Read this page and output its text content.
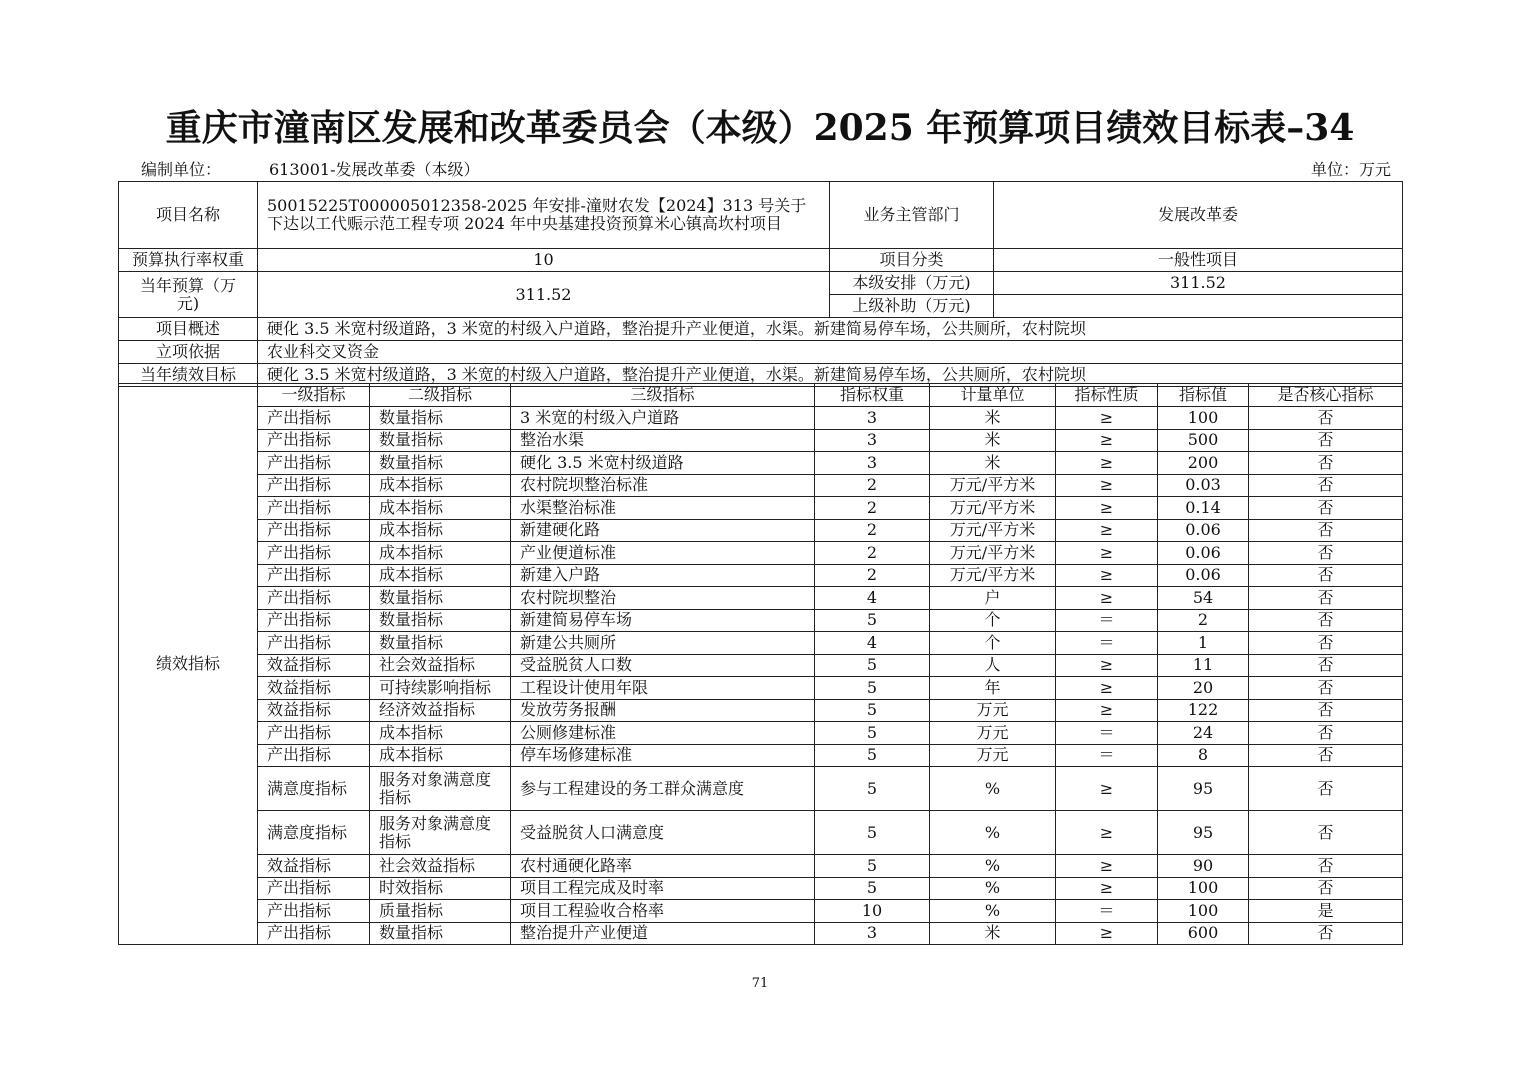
重庆市潼南区发展和改革委员会（本级）2025 年预算项目绩效目标表–34
编制单位：	613001-发展改革委（本级）	单位：万元
项目名称	50015225T000005012358-2025 年安排-潼财农发【2024】313 号关于下达以工代赈示范工程专项 2024 年中央基建投资预算米心镇高坎村项目	业务主管部门	发展改革委
预算执行率权重	10	项目分类	一般性项目
当年预算（万元)	311.52	本级安排（万元)	311.52
		上级补助（万元)	
项目概述	硬化 3.5 米宽村级道路，3 米宽的村级入户道路，整治提升产业便道，水渠。新建简易停车场，公共厕所，农村院坝		
立项依据	农业科交叉资金		
当年绩效目标	硬化 3.5 米宽村级道路，3 米宽的村级入户道路，整治提升产业便道，水渠。新建简易停车场，公共厕所，农村院坝		
绩效指标	一级指标	二级指标	三级指标	指标权重	计量单位	指标性质	指标值	是否核心指标
	产出指标	数量指标	3 米宽的村级入户道路	3	米	≥	100	否
	产出指标	数量指标	整治水渠	3	米	≥	500	否
	产出指标	数量指标	硬化 3.5 米宽村级道路	3	米	≥	200	否
	产出指标	成本指标	农村院坝整治标准	2	万元/平方米	≥	0.03	否
	产出指标	成本指标	水渠整治标准	2	万元/平方米	≥	0.14	否
	产出指标	成本指标	新建硬化路	2	万元/平方米	≥	0.06	否
	产出指标	成本指标	产业便道标准	2	万元/平方米	≥	0.06	否
	产出指标	成本指标	新建入户路	2	万元/平方米	≥	0.06	否
	产出指标	数量指标	农村院坝整治	4	户	≥	54	否
	产出指标	数量指标	新建简易停车场	5	个	＝	2	否
	产出指标	数量指标	新建公共厕所	4	个	＝	1	否
	效益指标	社会效益指标	受益脱贫人口数	5	人	≥	11	否
	效益指标	可持续影响指标	工程设计使用年限	5	年	≥	20	否
	效益指标	经济效益指标	发放劳务报酬	5	万元	≥	122	否
	产出指标	成本指标	公厕修建标准	5	万元	＝	24	否
	产出指标	成本指标	停车场修建标准	5	万元	＝	8	否
	满意度指标	服务对象满意度指标	参与工程建设的务工群众满意度	5	%	≥	95	否
	满意度指标	服务对象满意度指标	受益脱贫人口满意度	5	%	≥	95	否
	效益指标	社会效益指标	农村通硬化路率	5	%	≥	90	否
	产出指标	时效指标	项目工程完成及时率	5	%	≥	100	否
	产出指标	质量指标	项目工程验收合格率	10	%	＝	100	是
	产出指标	数量指标	整治提升产业便道	3	米	≥	600	否
71
